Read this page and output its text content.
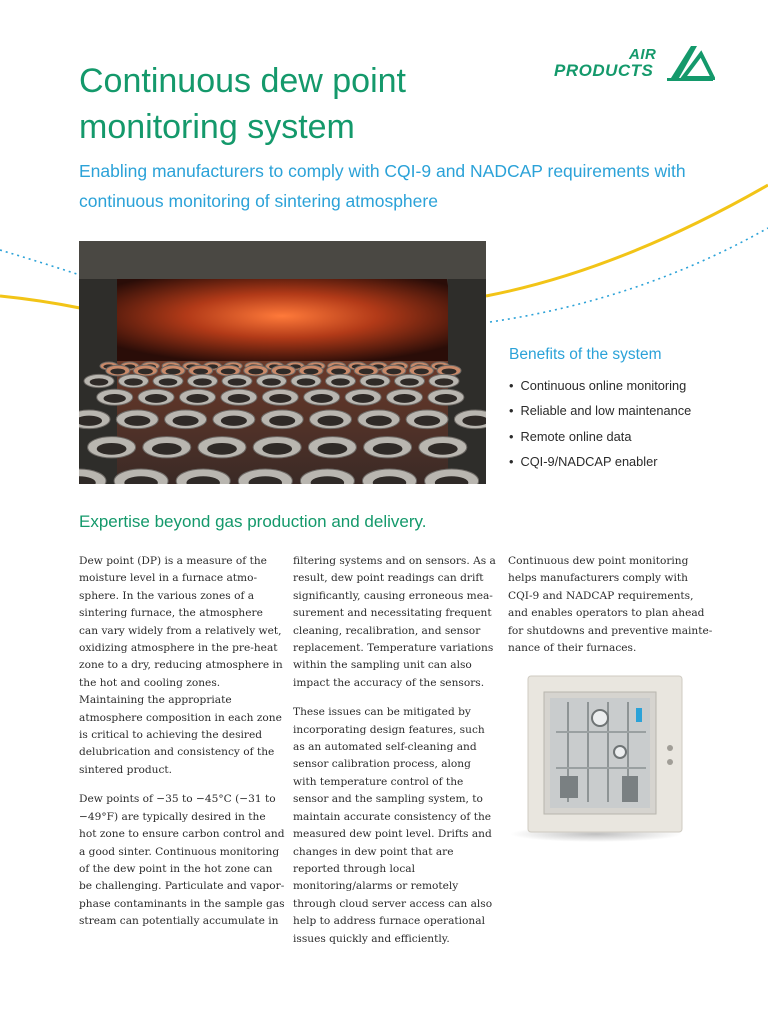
AIR
PRODUCTS
Continuous dew point monitoring system
Enabling manufacturers to comply with CQI-9 and NADCAP requirements with continuous monitoring of sintering atmosphere
Benefits of the system
• Continuous online monitoring
• Reliable and low maintenance
• Remote online data
• CQI-9/NADCAP enabler
Expertise beyond gas production and delivery.

Dew point (DP) is a measure of the moisture level in a furnace atmo-sphere. In the various zones of a sintering furnace, the atmosphere can vary widely from a relatively wet, oxidizing atmosphere in the pre-heat zone to a dry, reducing atmosphere in the hot and cooling zones. Maintaining the appropriate atmosphere composition in each zone is critical to achieving the desired delubrication and consistency of the sintered product.

Dew points of −35 to −45°C (−31 to −49°F) are typically desired in the hot zone to ensure carbon control and a good sinter. Continuous monitoring of the dew point in the hot zone can be challenging. Particulate and vapor-phase contaminants in the sample gas stream can potentially accumulate in

filtering systems and on sensors. As a result, dew point readings can drift significantly, causing erroneous mea-surement and necessitating frequent cleaning, recalibration, and sensor replacement. Temperature variations within the sampling unit can also impact the accuracy of the sensors.

These issues can be mitigated by incorporating design features, such as an automated self-cleaning and sensor calibration process, along with temperature control of the sensor and the sampling system, to maintain accurate consistency of the measured dew point level. Drifts and changes in dew point that are reported through local monitoring/alarms or remotely through cloud server access can also help to address furnace operational issues quickly and efficiently.

Continuous dew point monitoring helps manufacturers comply with CQI-9 and NADCAP requirements, and enables operators to plan ahead for shutdowns and preventive mainte-nance of their furnaces.
